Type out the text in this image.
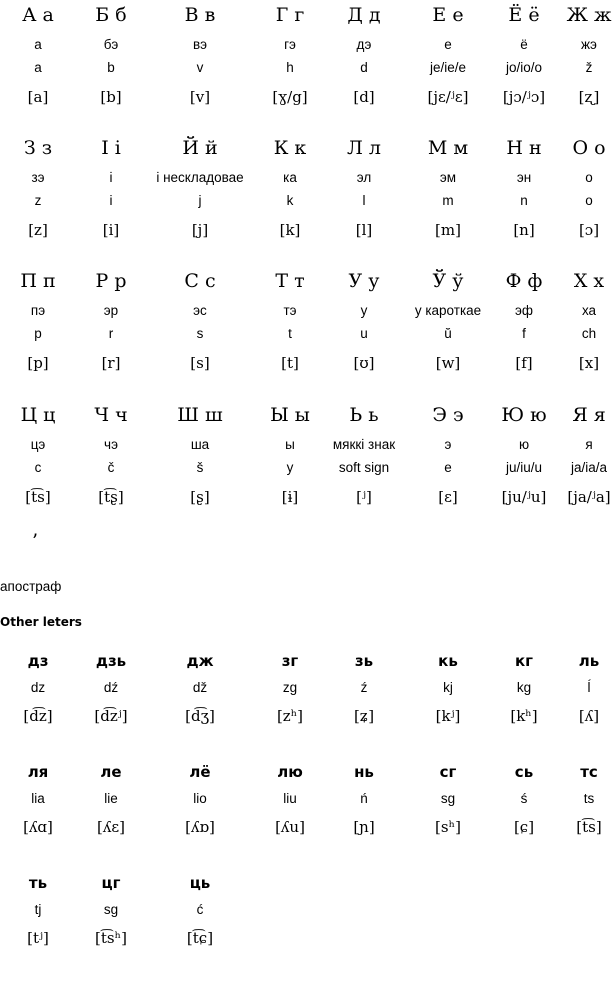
А а
а
a
[a]
Б б
бэ
b
[b]
В в
вэ
v
[v]
Г г
гэ
h
[ɣ/g]
Д д
дэ
d
[d]
Е е
е
je/ie/e
[jɛ/ʲɛ]
Ё ё
ё
jo/io/o
[jɔ/ʲɔ]
Ж ж
жэ
ž
[ʐ]
З з
зэ
z
[z]
І і
і
i
[i]
Й й
і нескладовае
j
[j]
К к
ка
k
[k]
Л л
эл
l
[l]
М м
эм
m
[m]
Н н
эн
n
[n]
О о
о
o
[ɔ]
П п
пэ
p
[p]
Р р
эр
r
[r]
С с
эс
s
[s]
Т т
тэ
t
[t]
У у
у
u
[ʊ]
Ў ў
у кароткае
ŭ
[w]
Ф ф
эф
f
[f]
Х х
ха
ch
[x]
Ц ц
цэ
c
[t͡s]
Ч ч
чэ
č
[t͡ʂ]
Ш ш
ша
š
[ʂ]
Ы ы
ы
y
[ɨ]
Ь ь
мяккі знак
soft sign
[ʲ]
Э э
э
e
[ɛ]
Ю ю
ю
ju/iu/u
[ju/ʲu]
Я я
я
ja/ia/a
[ja/ʲa]
’
апостраф
Other leters
дз
dz
[d͡z]
дзь
dź
[d͡zʲ]
дж
dž
[d͡ʒ]
зг
zg
[zʰ]
зь
ź
[ʑ]
кь
kj
[kʲ]
кг
kg
[kʰ]
ль
ĺ
[ʎ]
ля
lia
[ʎɑ]
ле
lie
[ʎɛ]
лё
lio
[ʎɒ]
лю
liu
[ʎu]
нь
ń
[ɲ]
сг
sg
[sʰ]
сь
ś
[ɕ]
тс
ts
[t͡s]
ть
tj
[tʲ]
цг
sg
[t͡sʰ]
ць
ć
[t͡ɕ]
